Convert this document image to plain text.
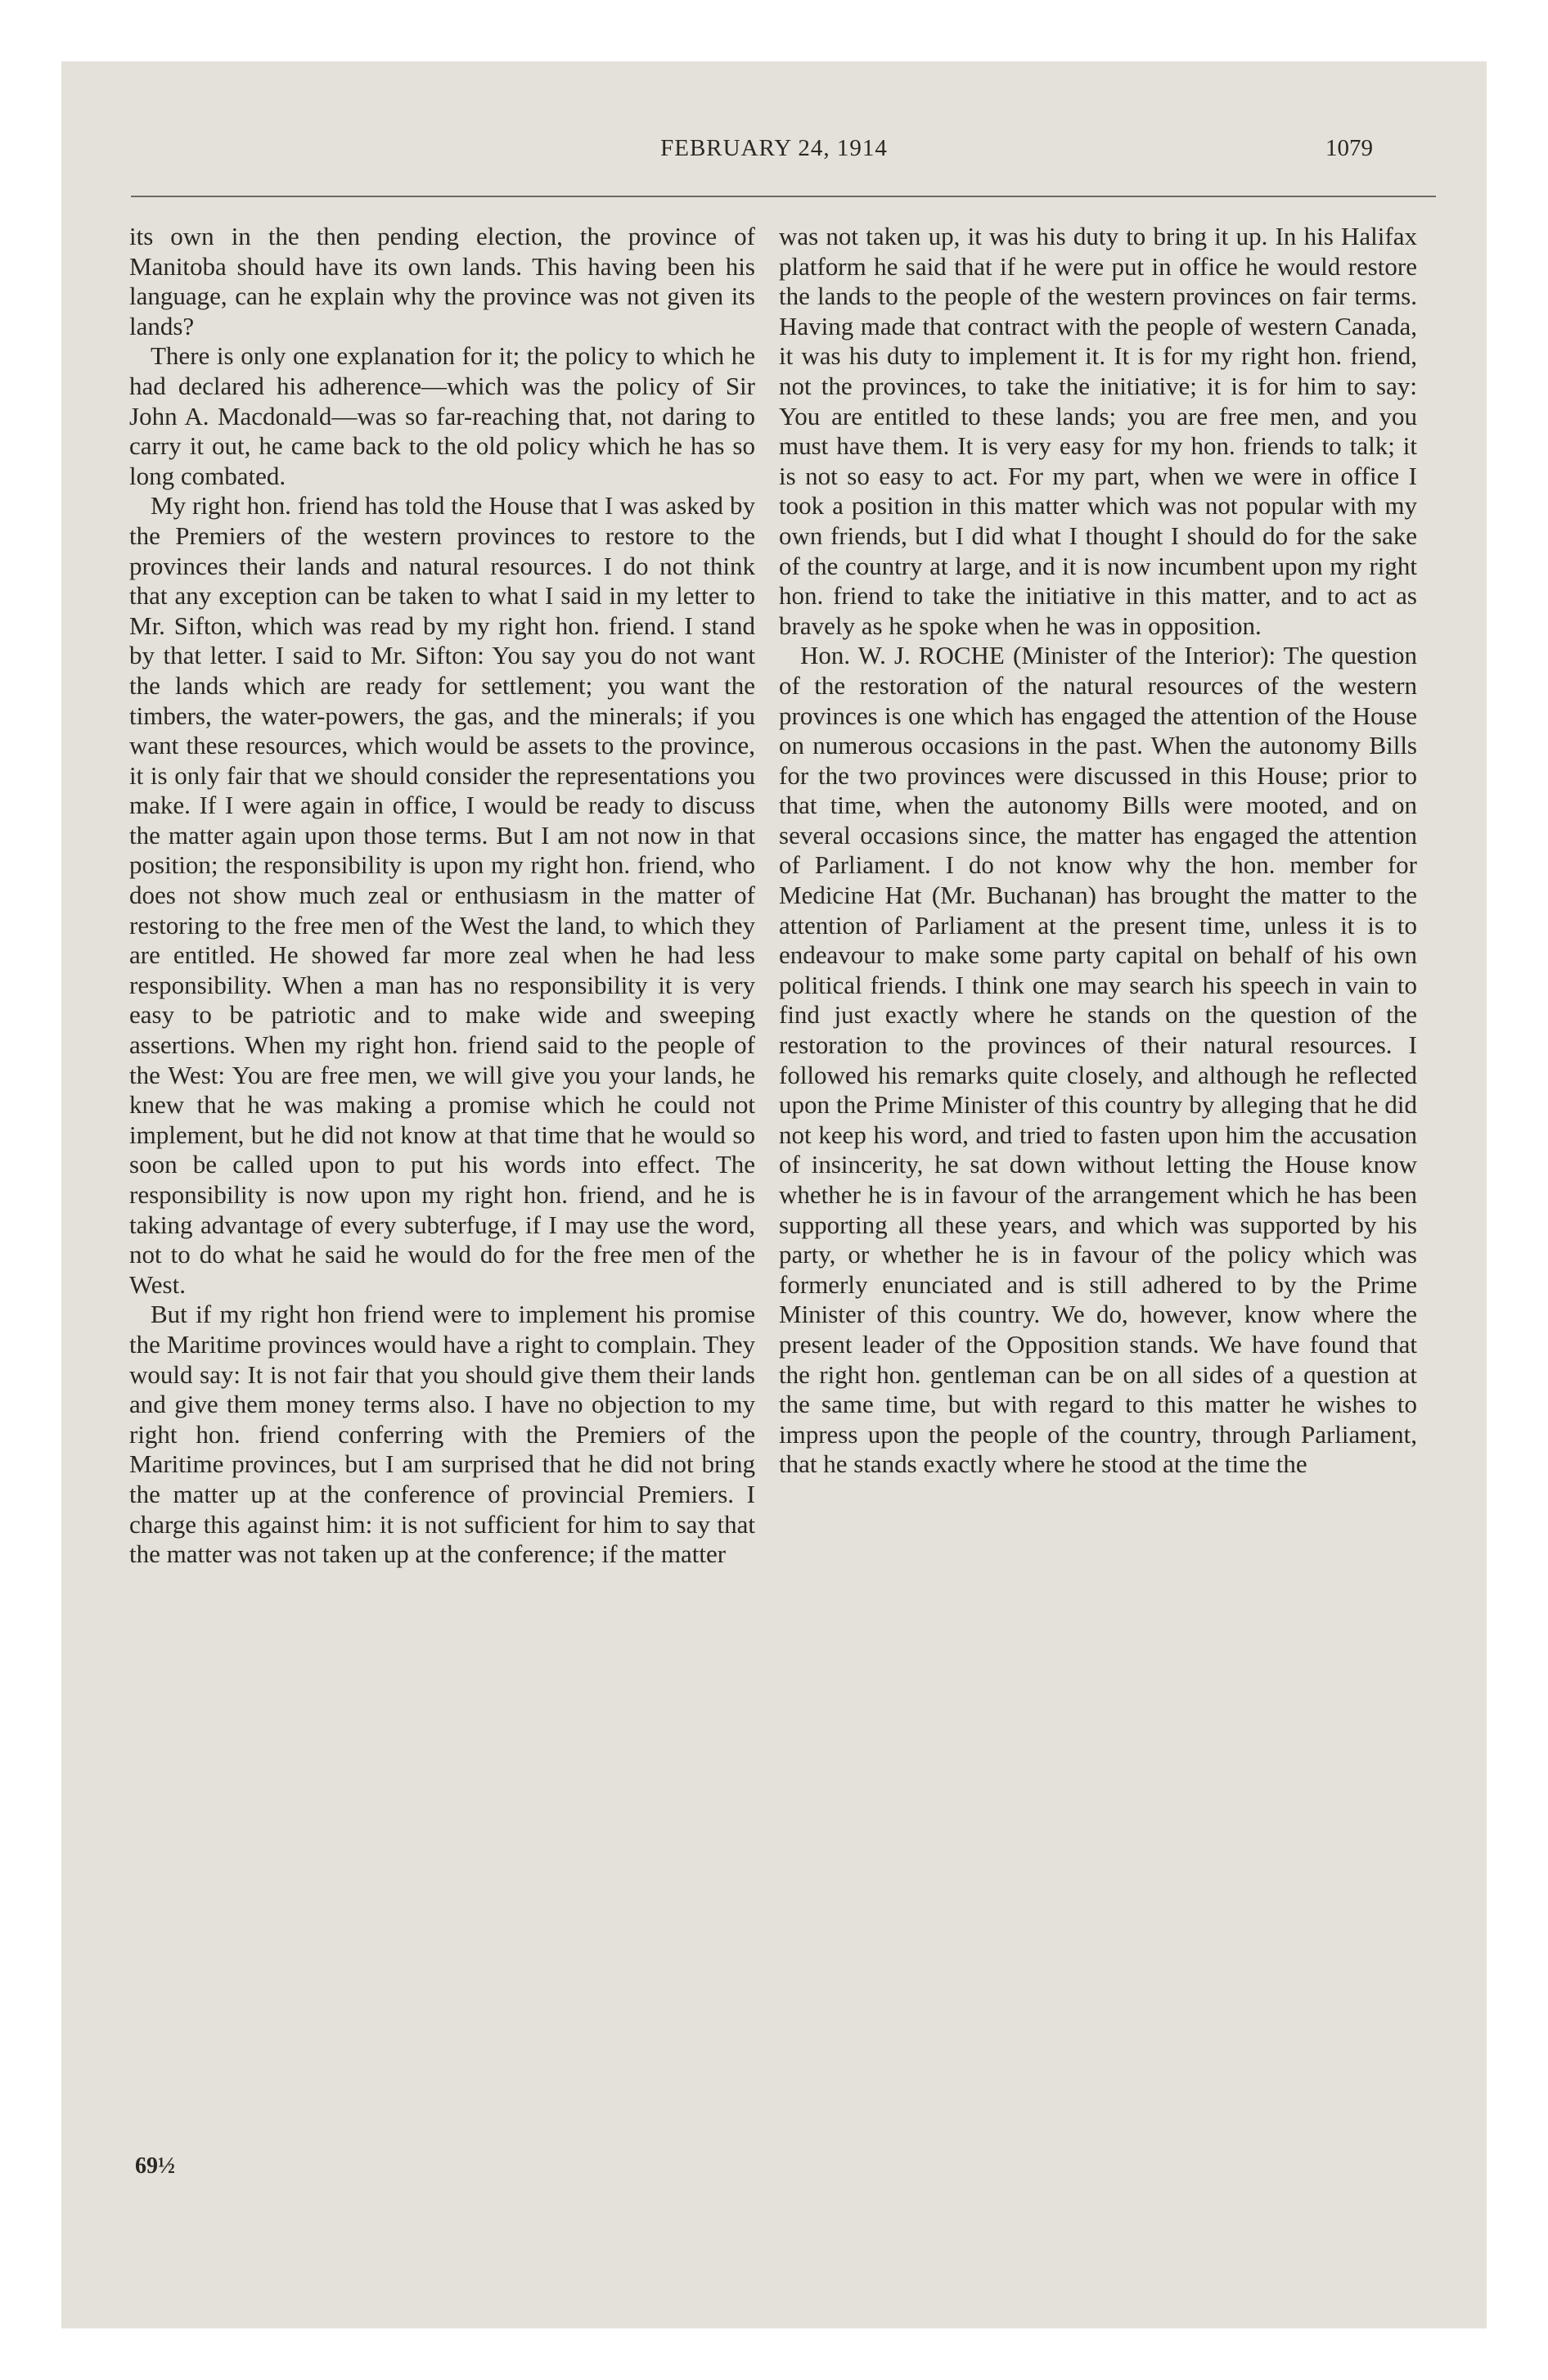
FEBRUARY 24, 1914	1079

its own in the then pending election, the province of Manitoba should have its own lands. This having been his language, can he explain why the province was not given its lands?

There is only one explanation for it; the policy to which he had declared his adherence—which was the policy of Sir John A. Macdonald—was so far-reaching that, not daring to carry it out, he came back to the old policy which he has so long combated.

My right hon. friend has told the House that I was asked by the Premiers of the western provinces to restore to the provinces their lands and natural resources. I do not think that any exception can be taken to what I said in my letter to Mr. Sifton, which was read by my right hon. friend. I stand by that letter. I said to Mr. Sifton: You say you do not want the lands which are ready for settlement; you want the timbers, the water-powers, the gas, and the minerals; if you want these resources, which would be assets to the province, it is only fair that we should consider the representations you make. If I were again in office, I would be ready to discuss the matter again upon those terms. But I am not now in that position; the responsibility is upon my right hon. friend, who does not show much zeal or enthusiasm in the matter of restoring to the free men of the West the land, to which they are entitled. He showed far more zeal when he had less responsibility. When a man has no responsibility it is very easy to be patriotic and to make wide and sweeping assertions. When my right hon. friend said to the people of the West: You are free men, we will give you your lands, he knew that he was making a promise which he could not implement, but he did not know at that time that he would so soon be called upon to put his words into effect. The responsibility is now upon my right hon. friend, and he is taking advantage of every subterfuge, if I may use the word, not to do what he said he would do for the free men of the West.

But if my right hon friend were to implement his promise the Maritime provinces would have a right to complain. They would say: It is not fair that you should give them their lands and give them money terms also. I have no objection to my right hon. friend conferring with the Premiers of the Maritime provinces, but I am surprised that he did not bring the matter up at the conference of provincial Premiers. I charge this against him: it is not sufficient for him to say that the matter was not taken up at the conference; if the matter

was not taken up, it was his duty to bring it up. In his Halifax platform he said that if he were put in office he would restore the lands to the people of the western provinces on fair terms. Having made that contract with the people of western Canada, it was his duty to implement it. It is for my right hon. friend, not the provinces, to take the initiative; it is for him to say: You are entitled to these lands; you are free men, and you must have them. It is very easy for my hon. friends to talk; it is not so easy to act. For my part, when we were in office I took a position in this matter which was not popular with my own friends, but I did what I thought I should do for the sake of the country at large, and it is now incumbent upon my right hon. friend to take the initiative in this matter, and to act as bravely as he spoke when he was in opposition.

Hon. W. J. ROCHE (Minister of the Interior): The question of the restoration of the natural resources of the western provinces is one which has engaged the attention of the House on numerous occasions in the past. When the autonomy Bills for the two provinces were discussed in this House; prior to that time, when the autonomy Bills were mooted, and on several occasions since, the matter has engaged the attention of Parliament. I do not know why the hon. member for Medicine Hat (Mr. Buchanan) has brought the matter to the attention of Parliament at the present time, unless it is to endeavour to make some party capital on behalf of his own political friends. I think one may search his speech in vain to find just exactly where he stands on the question of the restoration to the provinces of their natural resources. I followed his remarks quite closely, and although he reflected upon the Prime Minister of this country by alleging that he did not keep his word, and tried to fasten upon him the accusation of insincerity, he sat down without letting the House know whether he is in favour of the arrangement which he has been supporting all these years, and which was supported by his party, or whether he is in favour of the policy which was formerly enunciated and is still adhered to by the Prime Minister of this country. We do, however, know where the present leader of the Opposition stands. We have found that the right hon. gentleman can be on all sides of a question at the same time, but with regard to this matter he wishes to impress upon the people of the country, through Parliament, that he stands exactly where he stood at the time the

69½
